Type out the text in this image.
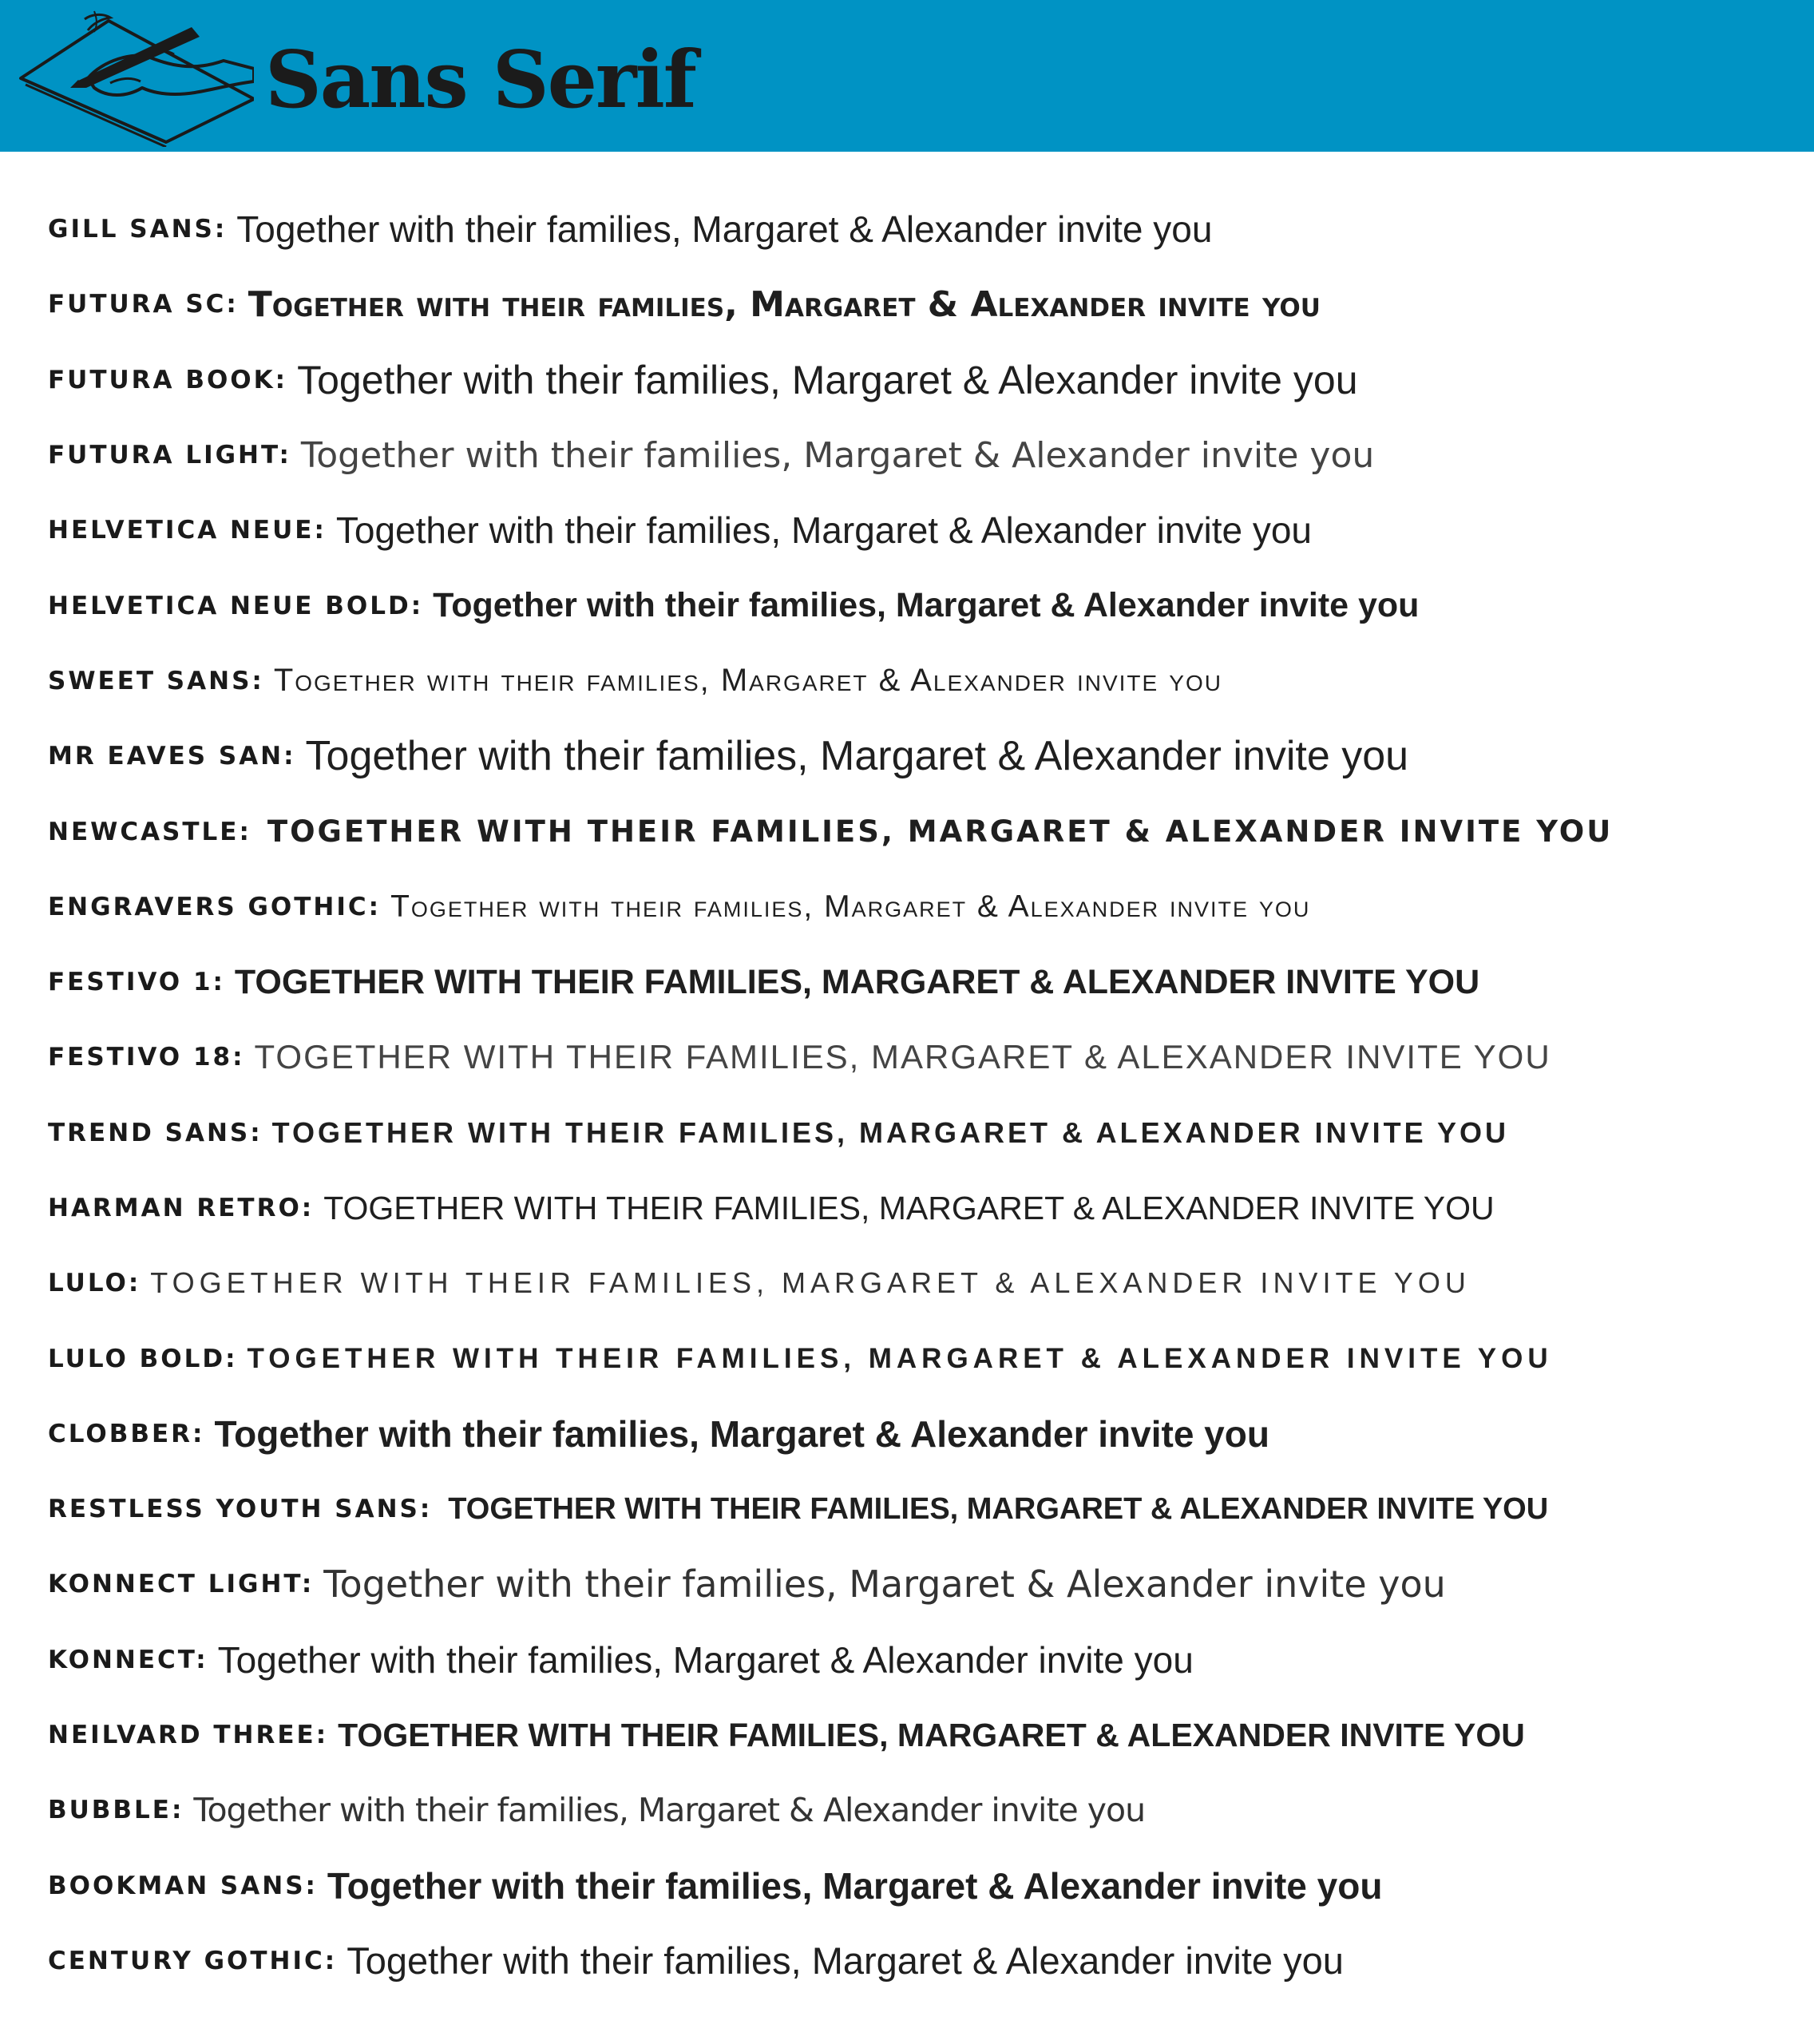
Sans Serif
GILL SANS: Together with their families, Margaret & Alexander invite you
FUTURA SC: Together with their families, Margaret & Alexander invite you
FUTURA BOOK: Together with their families, Margaret & Alexander invite you
FUTURA LIGHT: Together with their families, Margaret & Alexander invite you
HELVETICA NEUE: Together with their families, Margaret & Alexander invite you
HELVETICA NEUE BOLD: Together with their families, Margaret & Alexander invite you
SWEET SANS: Together with their families, Margaret & Alexander invite you
MR EAVES SAN: Together with their families, Margaret & Alexander invite you
NEWCASTLE: TOGETHER WITH THEIR FAMILIES, MARGARET & ALEXANDER INVITE YOU
ENGRAVERS GOTHIC: Together with their families, Margaret & Alexander invite you
FESTIVO 1: TOGETHER WITH THEIR FAMILIES, MARGARET & ALEXANDER INVITE YOU
FESTIVO 18: TOGETHER WITH THEIR FAMILIES, MARGARET & ALEXANDER INVITE YOU
TREND SANS: TOGETHER WITH THEIR FAMILIES, MARGARET & ALEXANDER INVITE YOU
HARMAN RETRO: TOGETHER WITH THEIR FAMILIES, MARGARET & ALEXANDER INVITE YOU
LULO: TOGETHER WITH THEIR FAMILIES, MARGARET & ALEXANDER INVITE YOU
LULO BOLD: TOGETHER WITH THEIR FAMILIES, MARGARET & ALEXANDER INVITE YOU
CLOBBER: Together with their families, Margaret & Alexander invite you
RESTLESS YOUTH SANS: TOGETHER WITH THEIR FAMILIES, MARGARET & ALEXANDER INVITE YOU
KONNECT LIGHT: Together with their families, Margaret & Alexander invite you
KONNECT: Together with their families, Margaret & Alexander invite you
NEILVARD THREE: TOGETHER WITH THEIR FAMILIES, MARGARET & ALEXANDER INVITE YOU
BUBBLE: Together with their families, Margaret & Alexander invite you
BOOKMAN SANS: Together with their families, Margaret & Alexander invite you
CENTURY GOTHIC: Together with their families, Margaret & Alexander invite you
